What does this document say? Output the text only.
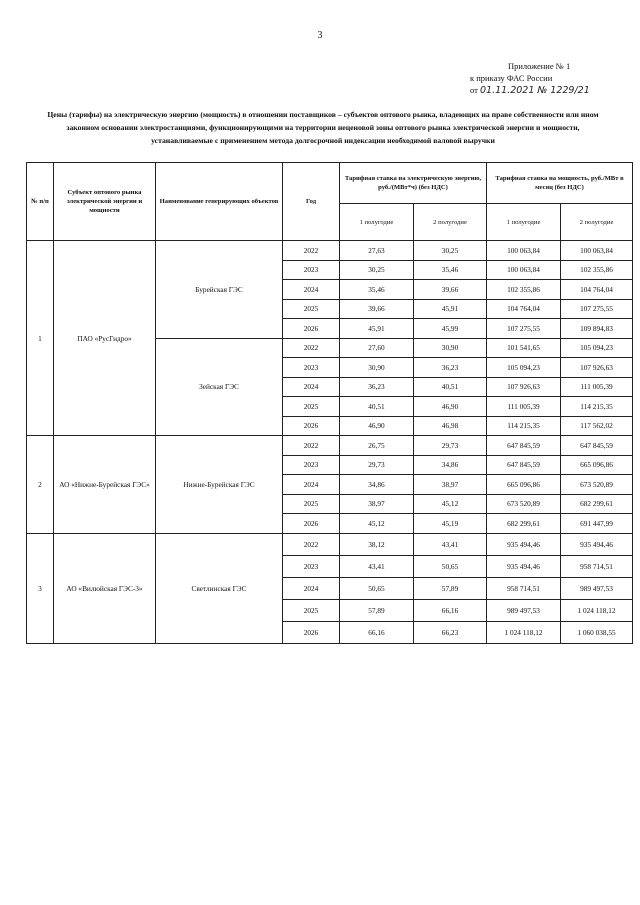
3
Приложение № 1
к приказу ФАС России
от 01.11.2021 № 1229/21
Цены (тарифы) на электрическую энергию (мощность) в отношении поставщиков – субъектов оптового рынка, владеющих на праве собственности или ином законном основании электростанциями, функционирующими на территории неценовой зоны оптового рынка электрической энергии и мощности, устанавливаемые с применением метода долгосрочной индексации необходимой валовой выручки
№ п/п	Субъект оптового рынка электрической энергии и мощности	Наименование генерирующих объектов	Год	Тарифная ставка на электрическую энергию, руб./(МВт*ч) (без НДС)		Тарифная ставка на мощность, руб./МВт в месяц (без НДС)	
				1 полугодие	2 полугодие	1 полугодие	2 полугодие
1	ПАО «РусГидро»	Бурейская ГЭС	2022	27,63	30,25	100 063,84	100 063,84
			2023	30,25	35,46	100 063,84	102 355,86
			2024	35,46	39,66	102 355,86	104 764,04
			2025	39,66	45,91	104 764,04	107 275,55
			2026	45,91	45,99	107 275,55	109 894,83
		Зейская ГЭС	2022	27,60	30,90	101 541,65	105 094,23
			2023	30,90	36,23	105 094,23	107 926,63
			2024	36,23	40,51	107 926,63	111 005,39
			2025	40,51	46,90	111 005,39	114 215,35
			2026	46,90	46,98	114 215,35	117 562,02
2	АО «Нижне-Бурейская ГЭС»	Нижне-Бурейская ГЭС	2022	26,75	29,73	647 845,59	647 845,59
			2023	29,73	34,86	647 845,59	665 096,86
			2024	34,86	38,97	665 096,86	673 520,89
			2025	38,97	45,12	673 520,89	682 299,61
			2026	45,12	45,19	682 299,61	691 447,99
3	АО «Вилюйская ГЭС-3»	Светлинская ГЭС	2022	38,12	43,41	935 494,46	935 494,46
			2023	43,41	50,65	935 494,46	958 714,51
			2024	50,65	57,89	958 714,51	989 497,53
			2025	57,89	66,16	989 497,53	1 024 118,12
			2026	66,16	66,23	1 024 118,12	1 060 038,55
